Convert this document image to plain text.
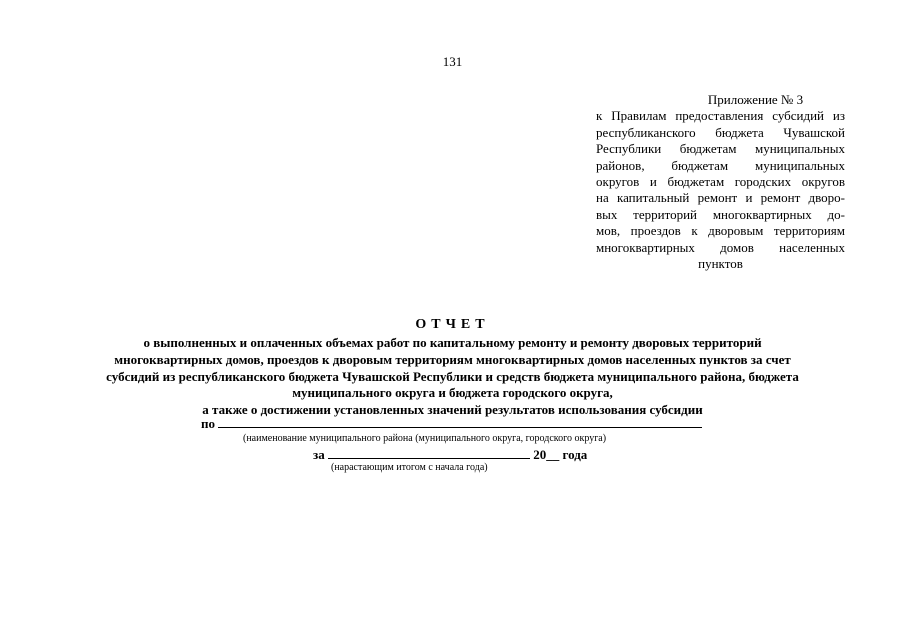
131
Приложение № 3
к Правилам предоставления субсидий из
республиканского бюджета Чувашской
Республики бюджетам муниципальных
районов, бюджетам муниципальных
округов и бюджетам городских округов
на капитальный ремонт и ремонт дворо-
вых территорий многоквартирных до-
мов, проездов к дворовым территориям
многоквартирных домов населенных
пунктов
ОТЧЕТ
о выполненных и оплаченных объемах работ по капитальному ремонту и ремонту дворовых территорий
многоквартирных домов, проездов к дворовым территориям многоквартирных домов населенных пунктов за счет
субсидий из республиканского бюджета Чувашской Республики и средств бюджета муниципального района, бюджета
муниципального округа и бюджета городского округа,
а также о достижении установленных значений результатов использования субсидии
по
(наименование муниципального района (муниципального округа, городского округа)
за	20__ года
(нарастающим итогом с начала года)
